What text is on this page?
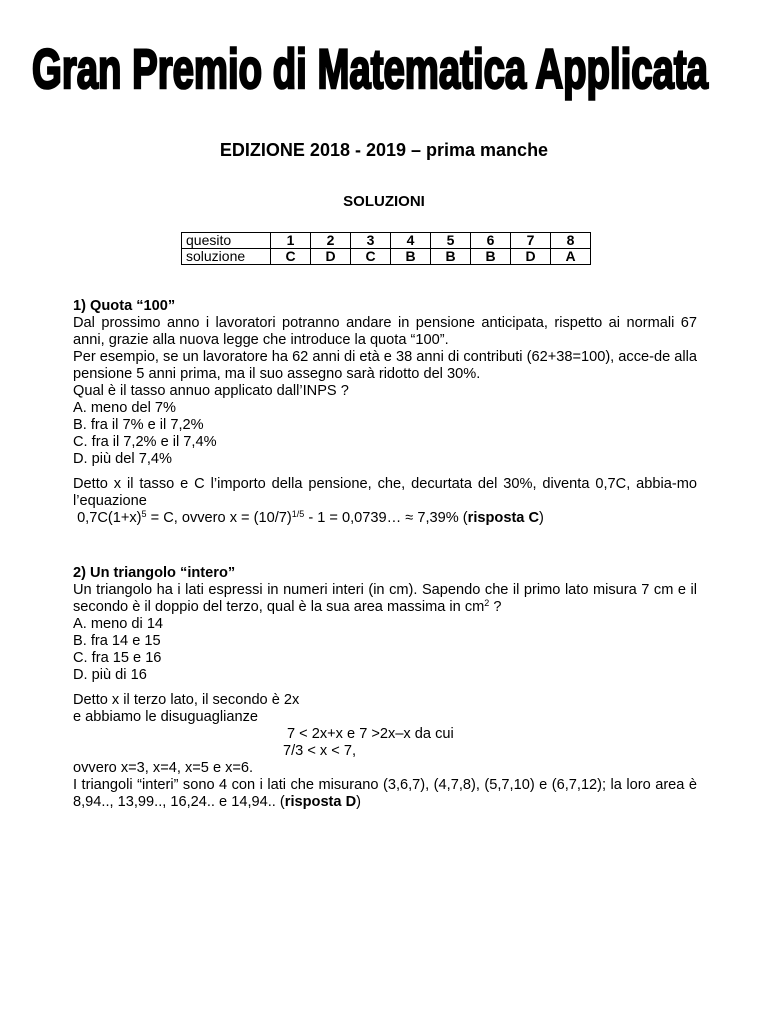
Gran Premio di Matematica Applicata
EDIZIONE 2018 - 2019 – prima manche
SOLUZIONI
quesito	1	2	3	4	5	6	7	8
soluzione	C	D	C	B	B	B	D	A

1) Quota “100”

Dal prossimo anno i lavoratori potranno andare in pensione anticipata, rispetto ai normali 67 anni, grazie alla nuova legge che introduce la quota “100”.

Per esempio, se un lavoratore ha 62 anni di età e 38 anni di contributi (62+38=100), acce-de alla pensione 5 anni prima, ma il suo assegno sarà ridotto del 30%.

Qual è il tasso annuo applicato dall’INPS ?

A. meno del 7%

B. fra il 7% e il 7,2%

C. fra il 7,2% e il 7,4%

D. più del 7,4%

Detto x il tasso e C l’importo della pensione, che, decurtata del 30%, diventa 0,7C, abbia-mo l’equazione

$0,7C(1+x)^5 = C$, ovvero $x = (10/7)^{1/5} - 1$ = 0,0739… ≈ 7,39% (risposta C)

2) Un triangolo “intero”

Un triangolo ha i lati espressi in numeri interi (in cm). Sapendo che il primo lato misura 7 cm e il secondo è il doppio del terzo, qual è la sua area massima in $cm^2$ ?

A. meno di 14

B. fra 14 e 15

C. fra 15 e 16

D. più di 16

Detto x il terzo lato, il secondo è 2x

e abbiamo le disuguaglianze

7 < 2x+x e 7 >2x–x da cui

7/3 < x < 7,

ovvero x=3, x=4, x=5 e x=6.

I triangoli “interi” sono 4 con i lati che misurano (3,6,7), (4,7,8), (5,7,10) e (6,7,12); la loro area è 8,94.., 13,99.., 16,24.. e 14,94.. (risposta D)
